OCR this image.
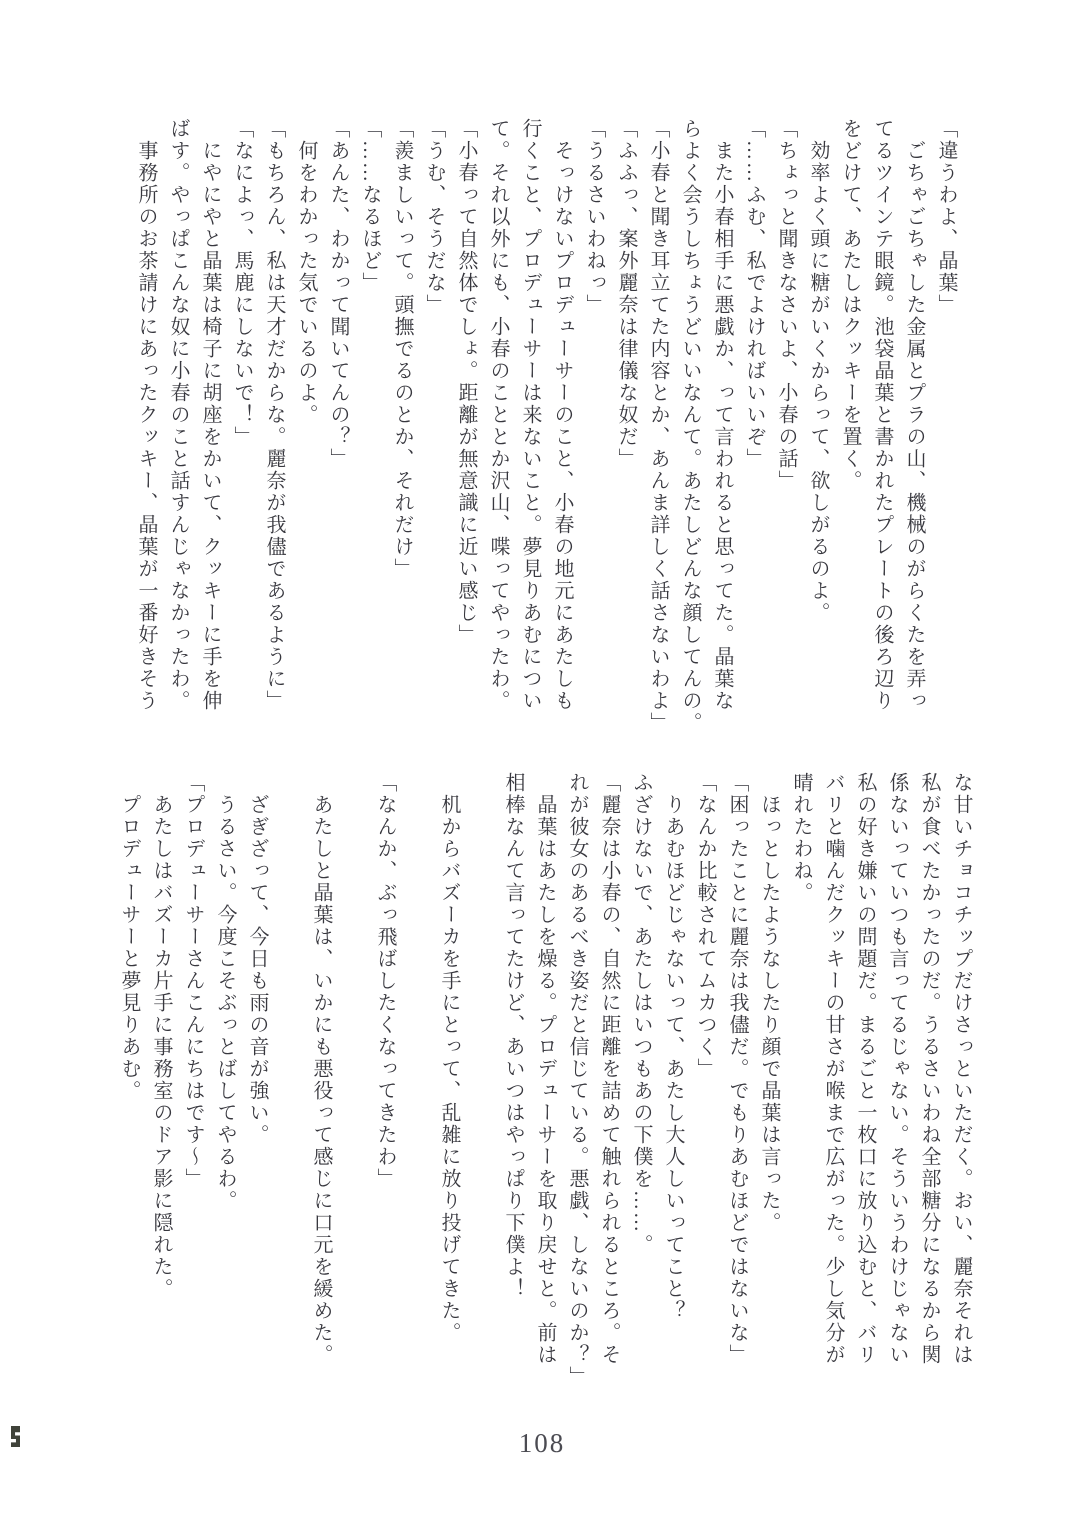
「違うわよ、晶葉」

ごちゃごちゃした金属とプラの山、機械のがらくたを弄っ

てるツインテ眼鏡。池袋晶葉と書かれたプレートの後ろ辺り

をどけて、あたしはクッキーを置く。

効率よく頭に糖がいくからって、欲しがるのよ。

「ちょっと聞きなさいよ、小春の話」

「……ふむ、私でよければいいぞ」

また小春相手に悪戯か、って言われると思ってた。晶葉な

らよく会うしちょうどいいなんて。あたしどんな顔してんの。

「小春と聞き耳立てた内容とか、あんま詳しく話さないわよ」

「ふふっ、案外麗奈は律儀な奴だ」

「うるさいわねっ」

そっけないプロデューサーのこと、小春の地元にあたしも

行くこと、プロデューサーは来ないこと。夢見りあむについ

て。それ以外にも、小春のこととか沢山、喋ってやったわ。

「小春って自然体でしょ。距離が無意識に近い感じ」

「うむ、そうだな」

「羨ましいって。頭撫でるのとか、それだけ」

「……なるほど」

「あんた、わかって聞いてんの？」

何をわかった気でいるのよ。

「もちろん、私は天才だからな。麗奈が我儘であるように」

「なによっ、馬鹿にしないで！」

にやにやと晶葉は椅子に胡座をかいて、クッキーに手を伸

ばす。やっぱこんな奴に小春のこと話すんじゃなかったわ。

事務所のお茶請けにあったクッキー、晶葉が一番好きそう

な甘いチョコチップだけさっといただく。おい、麗奈それは

私が食べたかったのだ。うるさいわね全部糖分になるから関

係ないっていつも言ってるじゃない。そういうわけじゃない

私の好き嫌いの問題だ。まるごと一枚口に放り込むと、バリ

バリと噛んだクッキーの甘さが喉まで広がった。少し気分が

晴れたわね。

ほっとしたようなしたり顔で晶葉は言った。

「困ったことに麗奈は我儘だ。でもりあむほどではないな」

「なんか比較されてムカつく」

りあむほどじゃないって、あたし大人しいってこと？

ふざけないで、あたしはいつもあの下僕を……。

「麗奈は小春の、自然に距離を詰めて触れられるところ。そ

れが彼女のあるべき姿だと信じている。悪戯、しないのか？」

晶葉はあたしを燥る。プロデューサーを取り戻せと。前は

相棒なんて言ってたけど、あいつはやっぱり下僕よ！

机からバズーカを手にとって、乱雑に放り投げてきた。

「なんか、ぶっ飛ばしたくなってきたわ」

あたしと晶葉は、いかにも悪役って感じに口元を緩めた。

ざぎざって、今日も雨の音が強い。

うるさい。今度こそぶっとばしてやるわ。

「プロデューサーさんこんにちはです〜」

あたしはバズーカ片手に事務室のドア影に隠れた。

プロデューサーと夢見りあむ。

108
